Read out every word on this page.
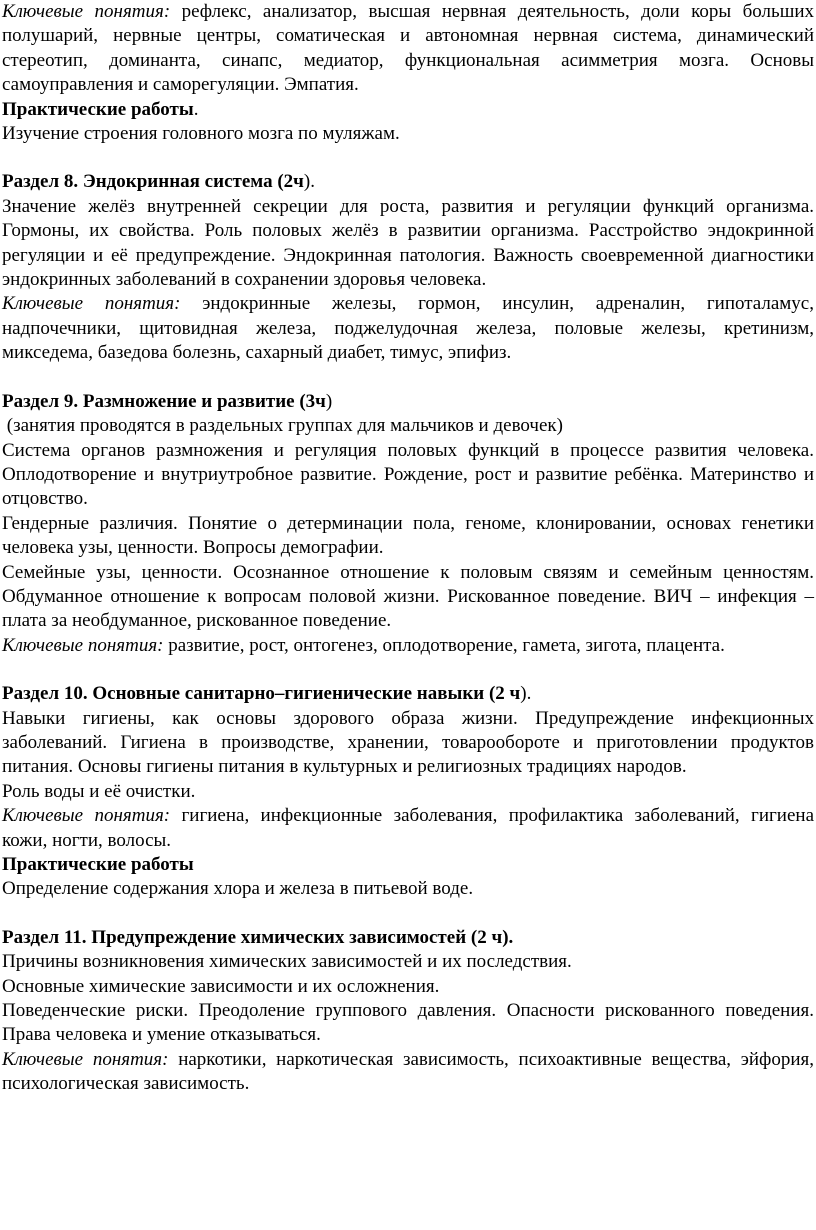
Ключевые понятия: рефлекс, анализатор, высшая нервная деятельность, доли коры больших полушарий, нервные центры, соматическая и автономная нервная система, динамический стереотип, доминанта, синапс, медиатор, функциональная асимметрия мозга. Основы самоуправления и саморегуляции. Эмпатия.

Практические работы.

Изучение строения головного мозга по муляжам.

Раздел 8. Эндокринная система (2ч).

Значение желёз внутренней секреции для роста, развития и регуляции функций организма. Гормоны, их свойства. Роль половых желёз в развитии организма. Расстройство эндокринной регуляции и её предупреждение. Эндокринная патология. Важность своевременной диагностики эндокринных заболеваний в сохранении здоровья человека.

Ключевые понятия: эндокринные железы, гормон, инсулин, адреналин, гипоталамус, надпочечники, щитовидная железа, поджелудочная железа, половые железы, кретинизм, микседема, базедова болезнь, сахарный диабет, тимус, эпифиз.

Раздел 9. Размножение и развитие (3ч)

(занятия проводятся в раздельных группах для мальчиков и девочек)

Система органов размножения и регуляция половых функций в процессе развития человека. Оплодотворение и внутриутробное развитие. Рождение, рост и развитие ребёнка. Материнство и отцовство.

Гендерные различия. Понятие о детерминации пола, геноме, клонировании, основах генетики человека узы, ценности. Вопросы демографии.

Семейные узы, ценности. Осознанное отношение к половым связям и семейным ценностям. Обдуманное отношение к вопросам половой жизни. Рискованное поведение. ВИЧ – инфекция – плата за необдуманное, рискованное поведение.

Ключевые понятия: развитие, рост, онтогенез, оплодотворение, гамета, зигота, плацента.

Раздел 10. Основные санитарно–гигиенические навыки (2 ч).

Навыки гигиены, как основы здорового образа жизни. Предупреждение инфекционных заболеваний. Гигиена в производстве, хранении, товарообороте и приготовлении продуктов питания. Основы гигиены питания в культурных и религиозных традициях народов.

Роль воды и её очистки.

Ключевые понятия: гигиена, инфекционные заболевания, профилактика заболеваний, гигиена кожи, ногти, волосы.

Практические работы

Определение содержания хлора и железа в питьевой воде.

Раздел 11. Предупреждение химических зависимостей (2 ч).

Причины возникновения химических зависимостей и их последствия.

Основные химические зависимости и их осложнения.

Поведенческие риски. Преодоление группового давления. Опасности рискованного поведения. Права человека и умение отказываться.

Ключевые понятия: наркотики, наркотическая зависимость, психоактивные вещества, эйфория, психологическая зависимость.
